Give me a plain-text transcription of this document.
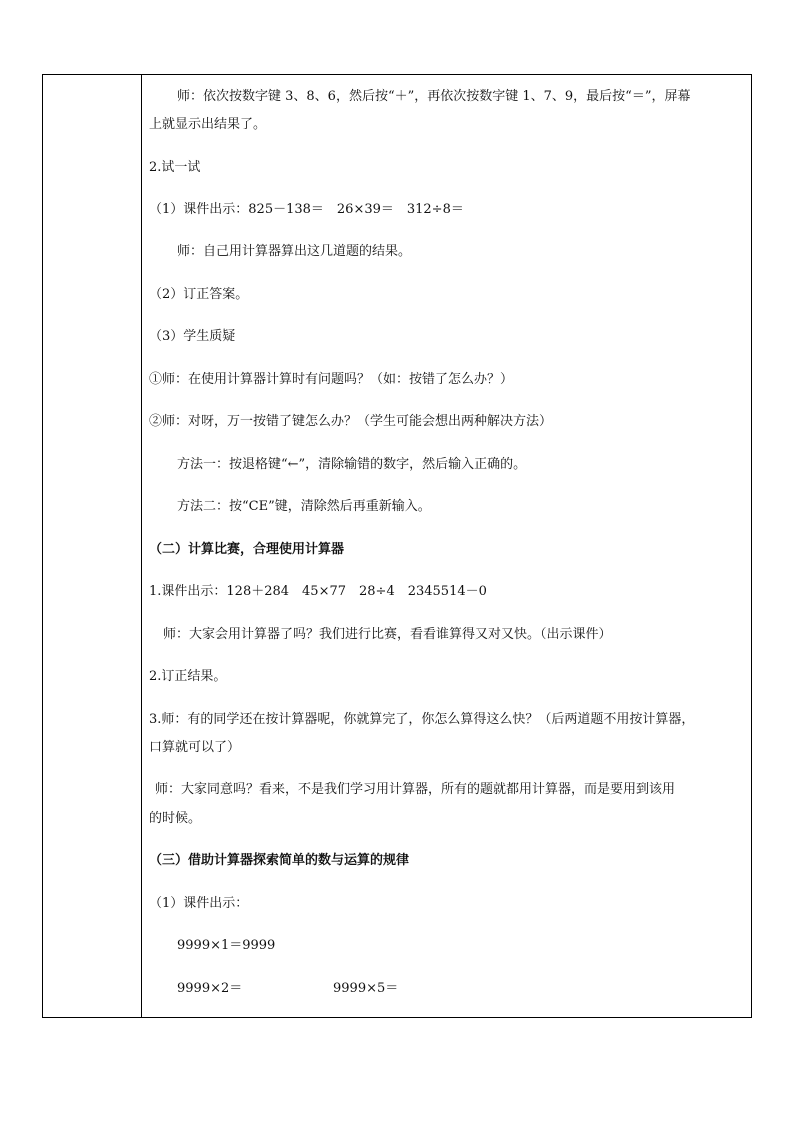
师：依次按数字键 3、8、6，然后按“＋”，再依次按数字键 1、7、9，最后按“＝”，屏幕
上就显示出结果了。
2.试一试
（1）课件出示：825－138＝　26×39＝　312÷8＝
师：自己用计算器算出这几道题的结果。
（2）订正答案。
（3）学生质疑
①师：在使用计算器计算时有问题吗？（如：按错了怎么办？）
②师：对呀，万一按错了键怎么办？（学生可能会想出两种解决方法）
方法一：按退格键“←”，清除输错的数字，然后输入正确的。
方法二：按“CE”键，清除然后再重新输入。
（二）计算比赛，合理使用计算器
1.课件出示：128＋284　45×77　28÷4　2345514－0
师：大家会用计算器了吗？我们进行比赛，看看谁算得又对又快。（出示课件）
2.订正结果。
3.师：有的同学还在按计算器呢，你就算完了，你怎么算得这么快？（后两道题不用按计算器，
口算就可以了）
师：大家同意吗？看来，不是我们学习用计算器，所有的题就都用计算器，而是要用到该用
的时候。
（三）借助计算器探索简单的数与运算的规律
（1）课件出示：
9999×1＝9999
9999×2＝	9999×5＝
